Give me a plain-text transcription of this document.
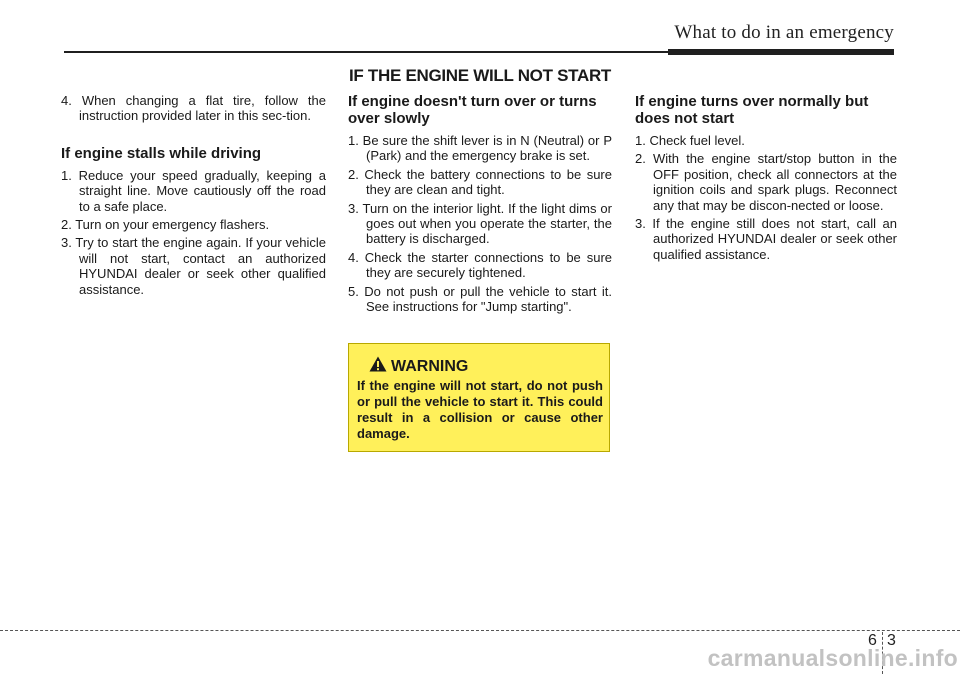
What to do in an emergency
IF THE ENGINE WILL NOT START

4. When changing a flat tire, follow the instruction provided later in this sec-tion.

If engine stalls while driving

1. Reduce your speed gradually, keeping a straight line. Move cautiously off the road to a safe place.

2. Turn on your emergency flashers.

3. Try to start the engine again. If your vehicle will not start, contact an authorized HYUNDAI dealer or seek other qualified assistance.

If engine doesn't turn over or turns over slowly

1. Be sure the shift lever is in N (Neutral) or P (Park) and the emergency brake is set.

2. Check the battery connections to be sure they are clean and tight.

3. Turn on the interior light. If the light dims or goes out when you operate the starter, the battery is discharged.

4. Check the starter connections to be sure they are securely tightened.

5. Do not push or pull the vehicle to start it. See instructions for "Jump starting".

If engine turns over normally but does not start

1. Check fuel level.

2. With the engine start/stop button in the OFF position, check all connectors at the ignition coils and spark plugs. Reconnect any that may be discon-nected or loose.

3. If the engine still does not start, call an authorized HYUNDAI dealer or seek other qualified assistance.

WARNING
If the engine will not start, do not push or pull the vehicle to start it. This could result in a collision or cause other damage.
6 3
carmanualsonline.info
